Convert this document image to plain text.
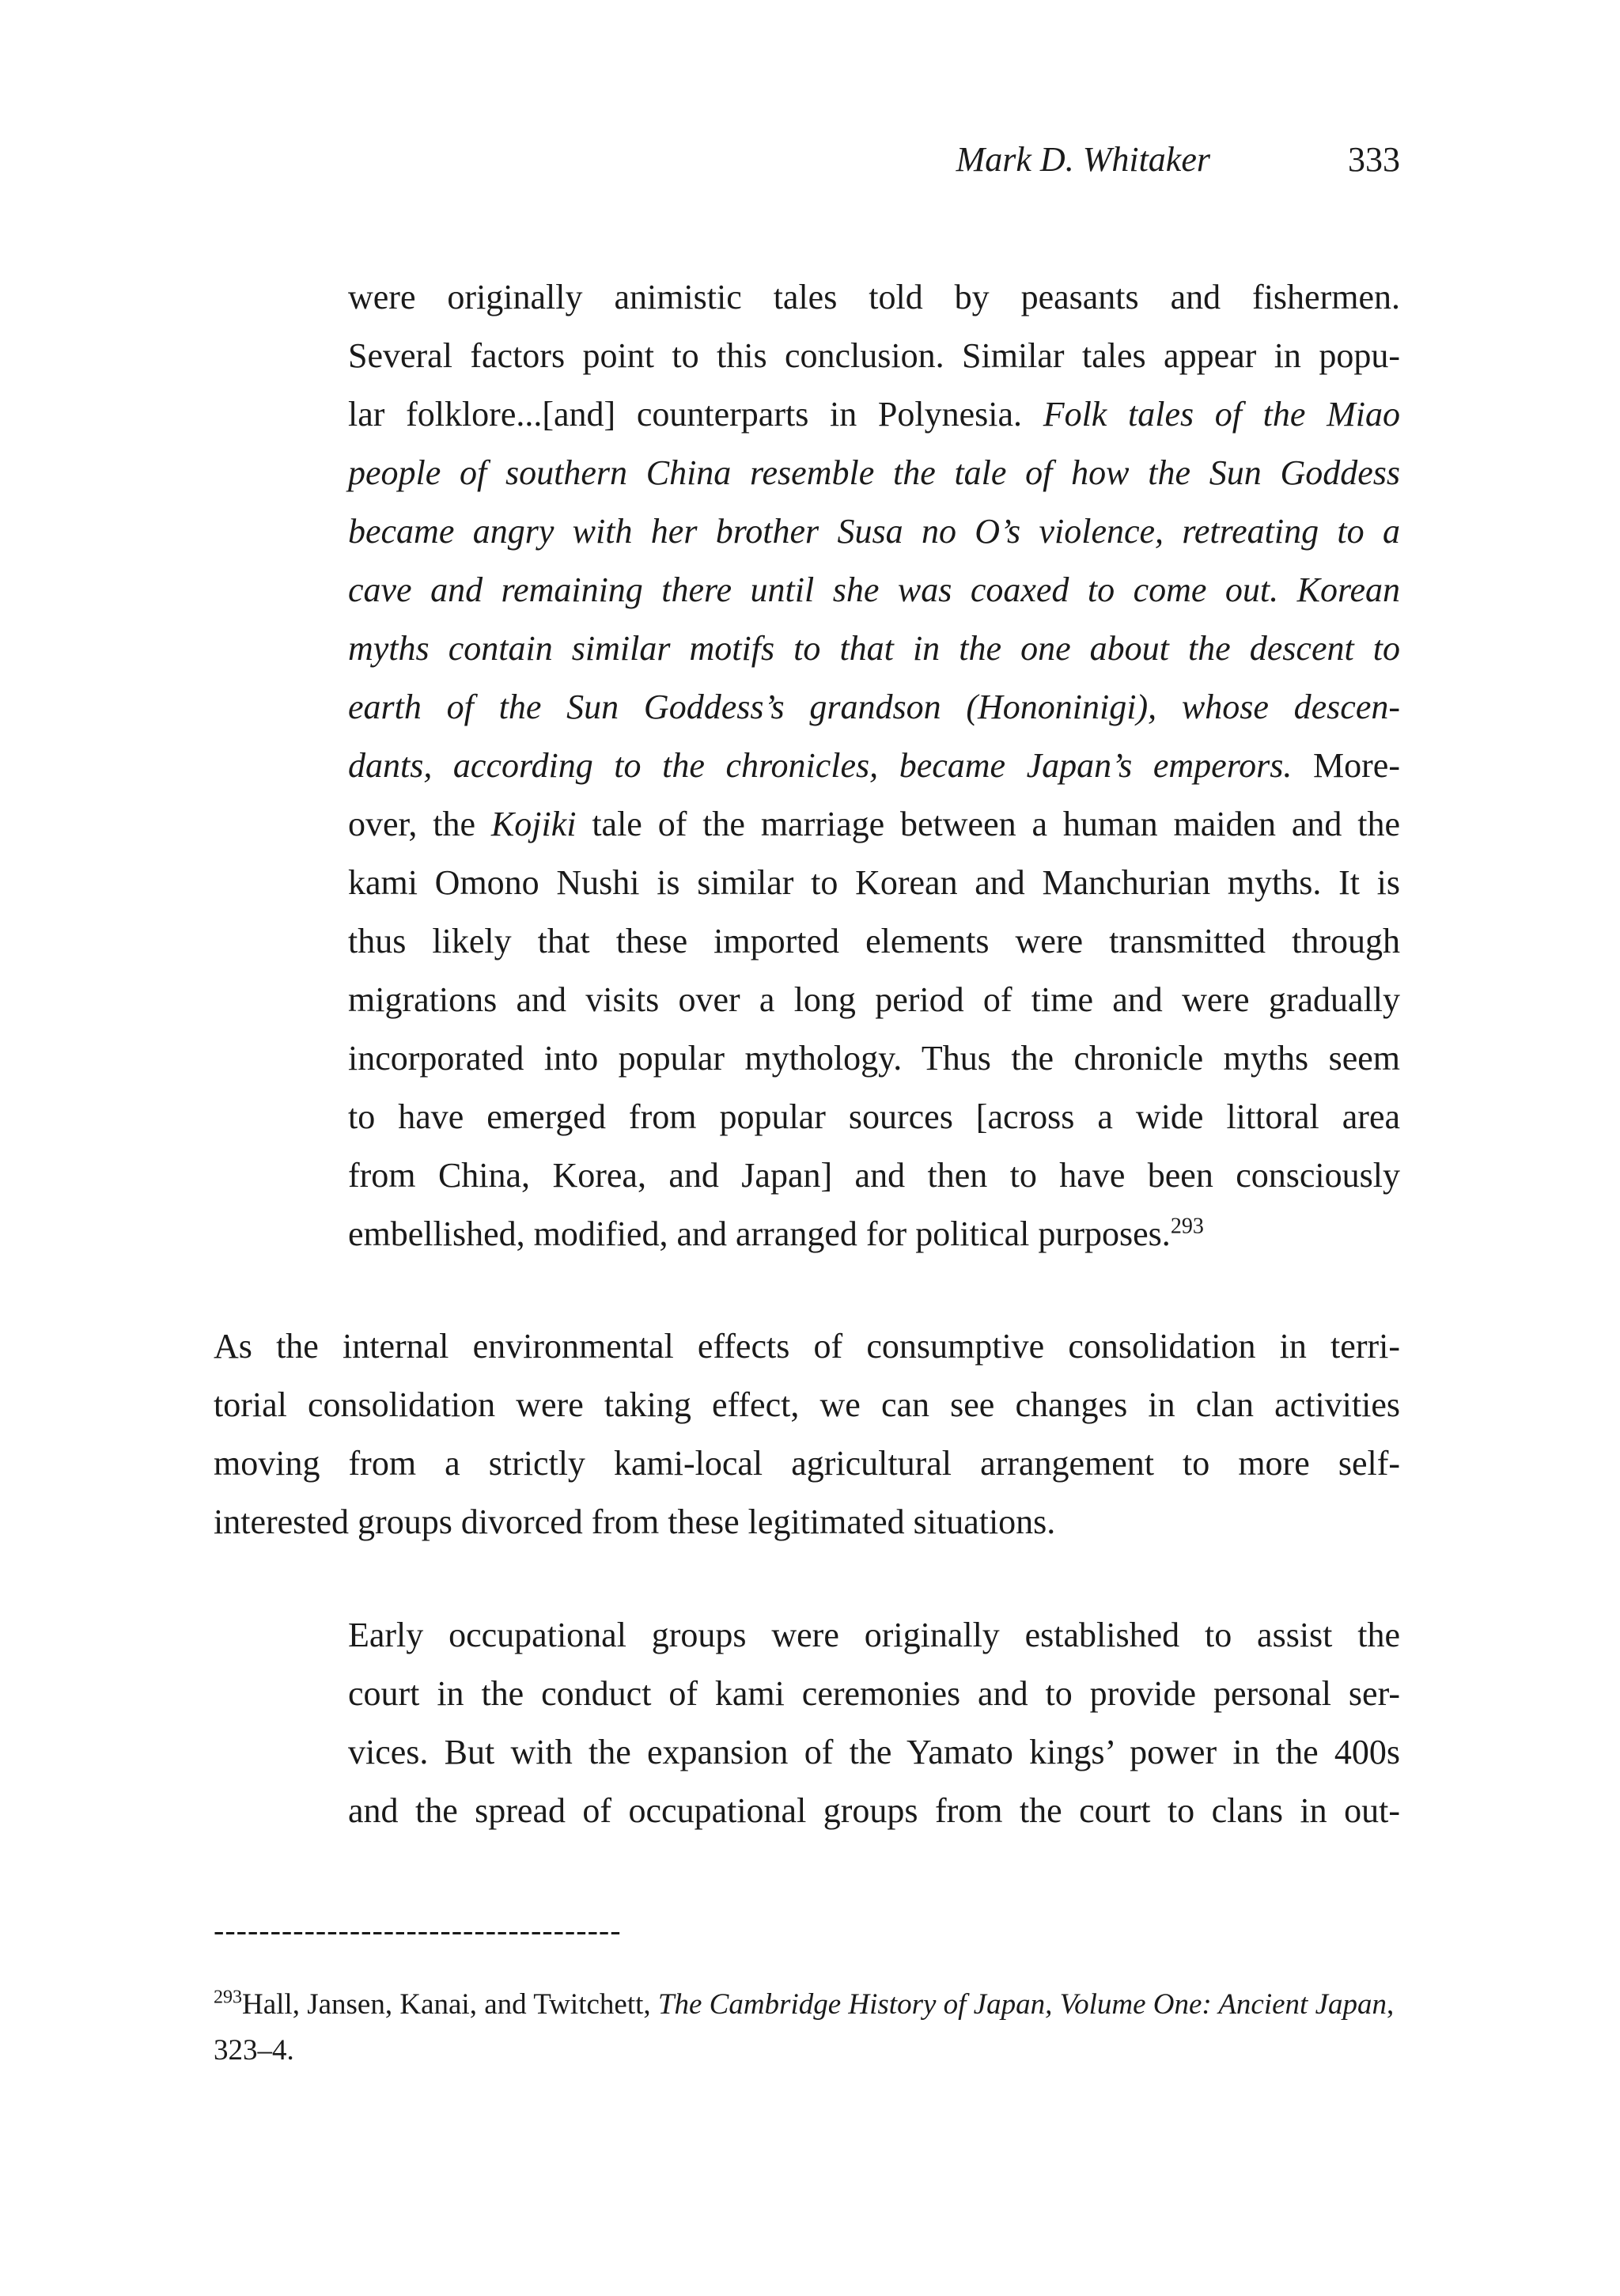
Mark D. Whitaker	333
were originally animistic tales told by peasants and fishermen.
Several factors point to this conclusion. Similar tales appear in popu-
lar folklore...[and] counterparts in Polynesia. Folk tales of the Miao
people of southern China resemble the tale of how the Sun Goddess
became angry with her brother Susa no O’s violence, retreating to a
cave and remaining there until she was coaxed to come out. Korean
myths contain similar motifs to that in the one about the descent to
earth of the Sun Goddess’s grandson (Hononinigi), whose descen-
dants, according to the chronicles, became Japan’s emperors. More-
over, the Kojiki tale of the marriage between a human maiden and the
kami Omono Nushi is similar to Korean and Manchurian myths. It is
thus likely that these imported elements were transmitted through
migrations and visits over a long period of time and were gradually
incorporated into popular mythology. Thus the chronicle myths seem
to have emerged from popular sources [across a wide littoral area
from China, Korea, and Japan] and then to have been consciously
embellished, modified, and arranged for political purposes.$^{293}$
As the internal environmental effects of consumptive consolidation in terri-
torial consolidation were taking effect, we can see changes in clan activities
moving from a strictly kami-local agricultural arrangement to more self-
interested groups divorced from these legitimated situations.
Early occupational groups were originally established to assist the
court in the conduct of kami ceremonies and to provide personal ser-
vices. But with the expansion of the Yamato kings’ power in the 400s
and the spread of occupational groups from the court to clans in out-
------------------------------------

$^{293}$Hall, Jansen, Kanai, and Twitchett, The Cambridge History of Japan, Volume One: Ancient Japan, 323–4.
